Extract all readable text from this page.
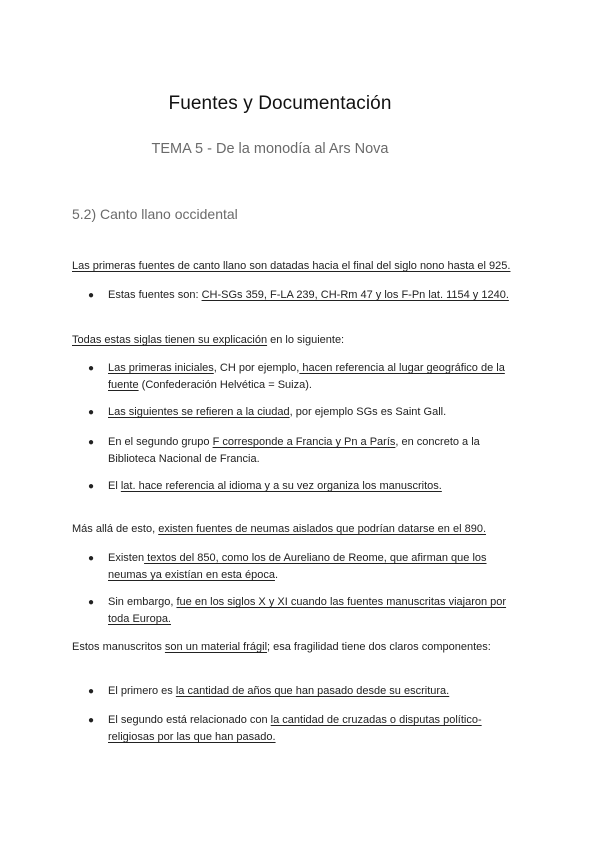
Fuentes y Documentación
TEMA 5 - De la monodía al Ars Nova
5.2) Canto llano occidental
Las primeras fuentes de canto llano son datadas hacia el final del siglo nono hasta el 925.
● Estas fuentes son: CH-SGs 359, F-LA 239, CH-Rm 47 y los F-Pn lat. 1154 y 1240.
Todas estas siglas tienen su explicación en lo siguiente:
● Las primeras iniciales, CH por ejemplo, hacen referencia al lugar geográfico de la fuente (Confederación Helvética = Suiza).
● Las siguientes se refieren a la ciudad, por ejemplo SGs es Saint Gall.
● En el segundo grupo F corresponde a Francia y Pn a París, en concreto a la Biblioteca Nacional de Francia.
● El lat. hace referencia al idioma y a su vez organiza los manuscritos.
Más allá de esto, existen fuentes de neumas aislados que podrían datarse en el 890.
● Existen textos del 850, como los de Aureliano de Reome, que afirman que los neumas ya existían en esta época.
● Sin embargo, fue en los siglos X y XI cuando las fuentes manuscritas viajaron por toda Europa.
Estos manuscritos son un material frágil; esa fragilidad tiene dos claros componentes:
● El primero es la cantidad de años que han pasado desde su escritura.
● El segundo está relacionado con la cantidad de cruzadas o disputas político-religiosas por las que han pasado.
